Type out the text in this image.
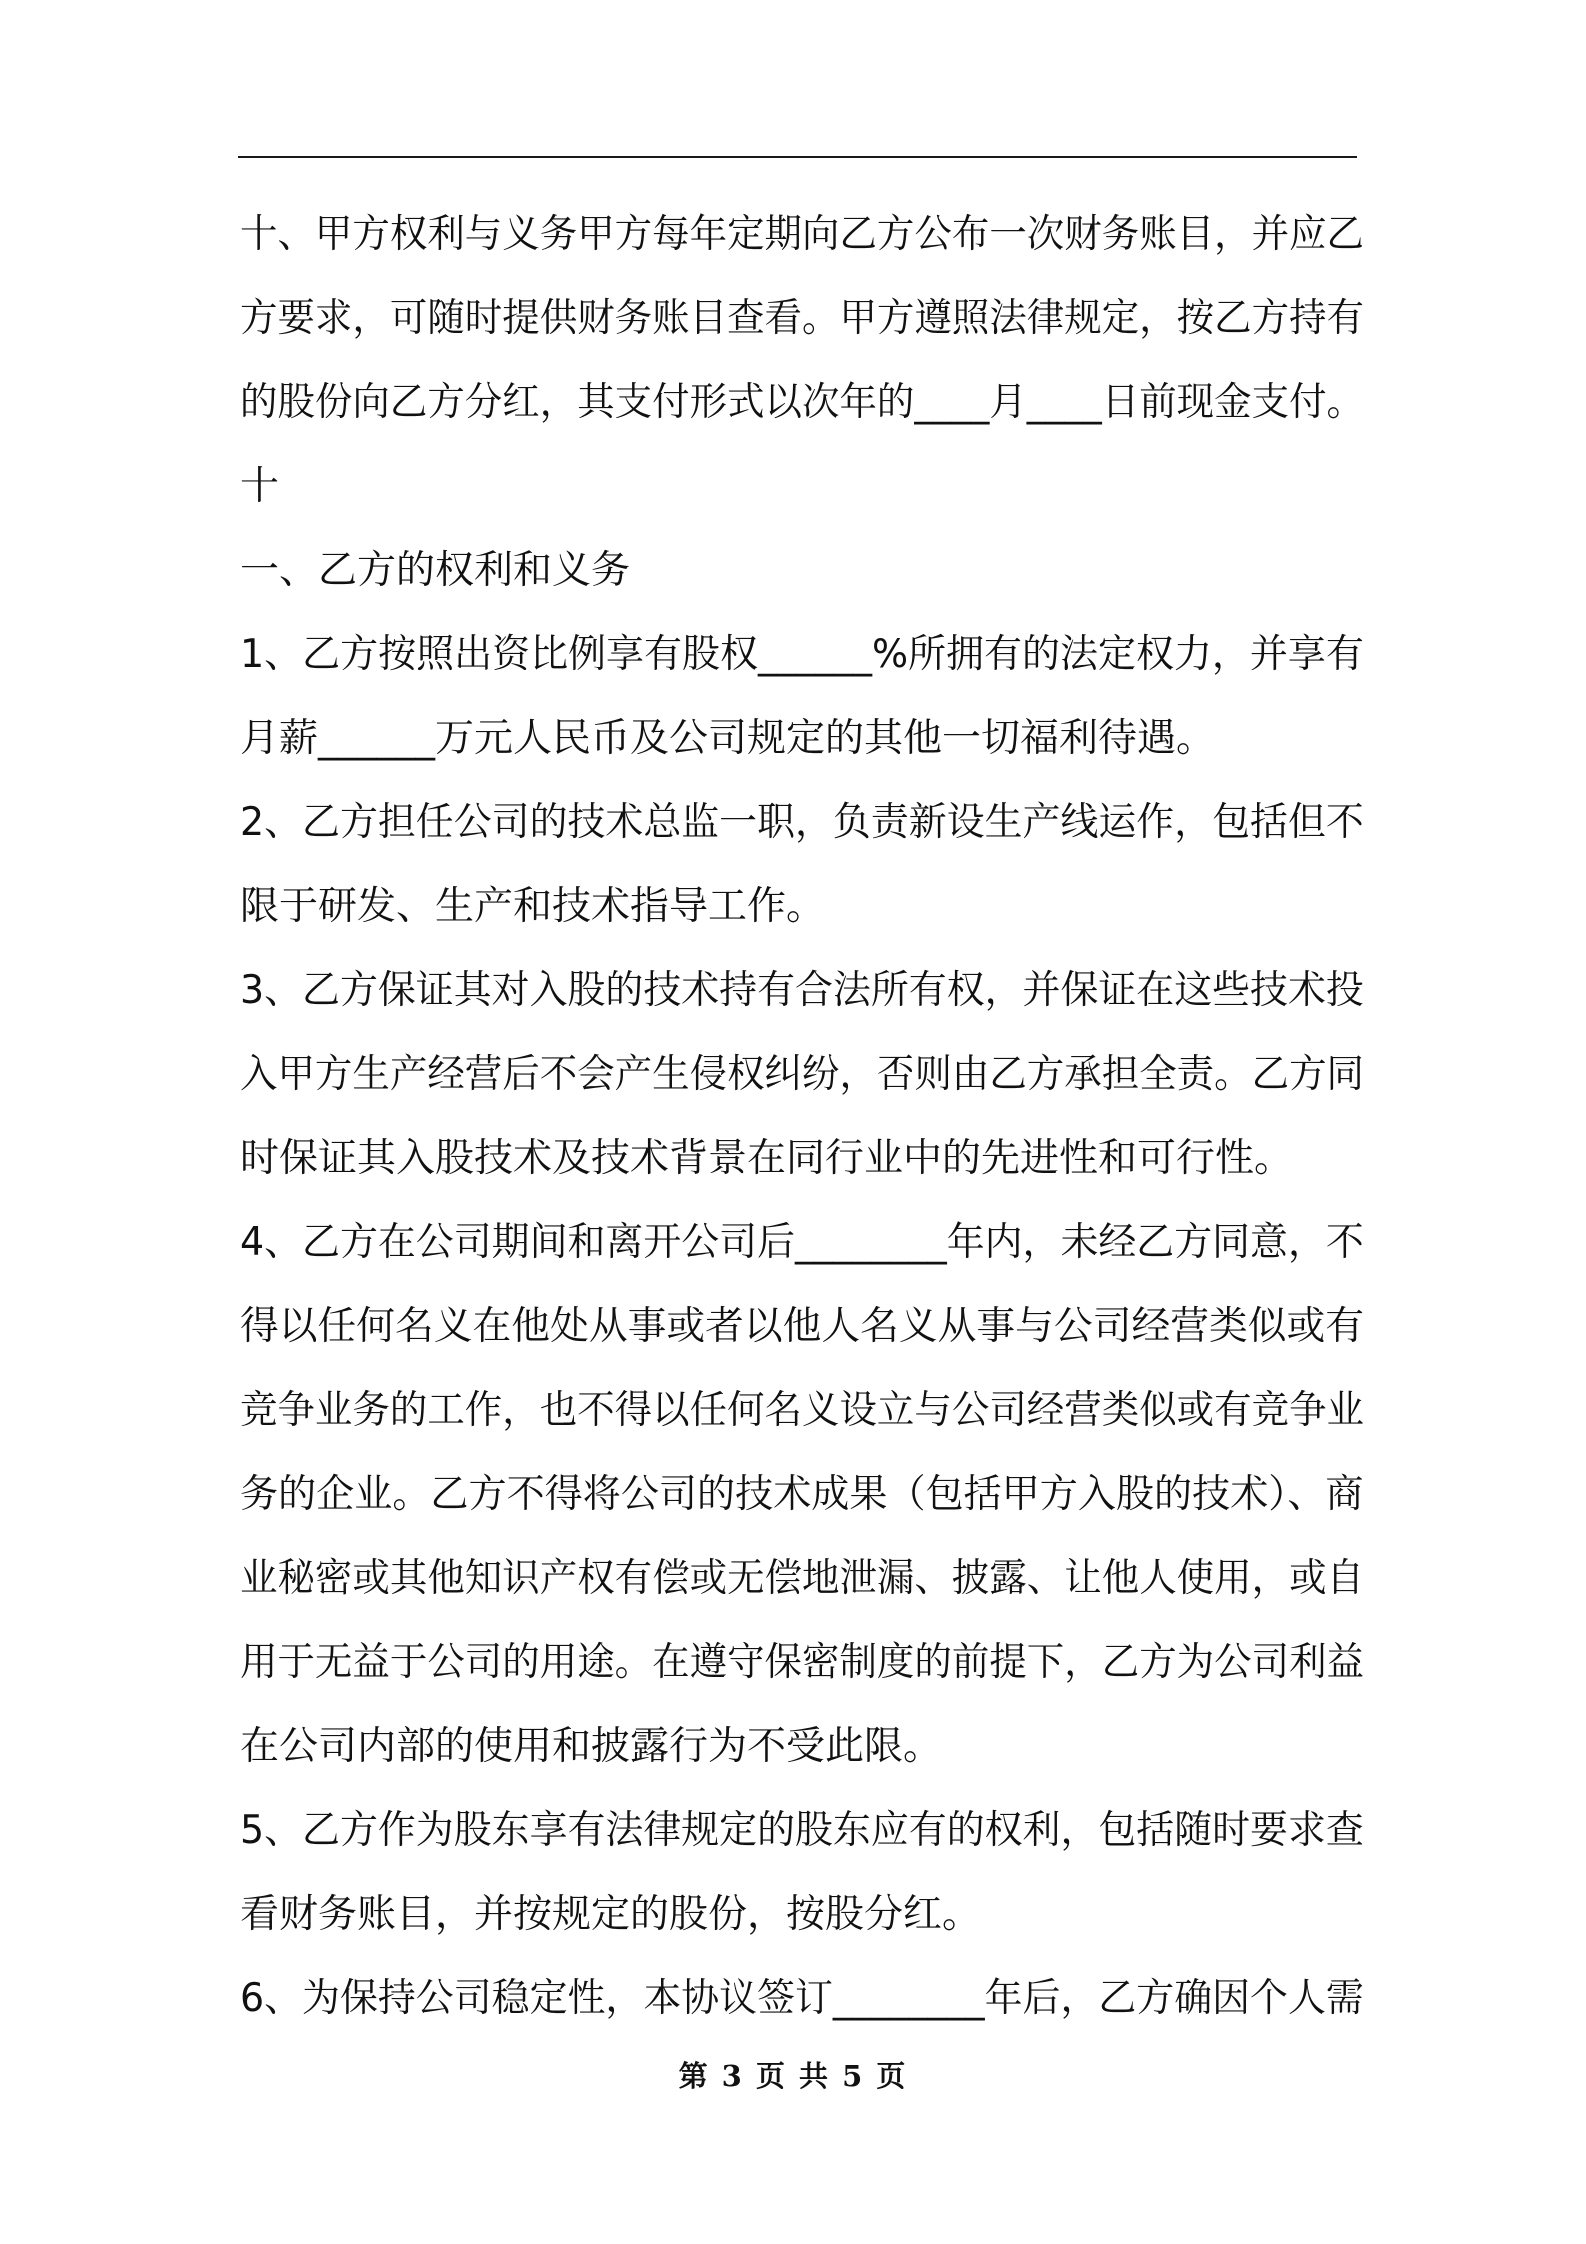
十、甲方权利与义务甲方每年定期向乙方公布一次财务账目，并应乙
方要求，可随时提供财务账目查看。甲方遵照法律规定，按乙方持有
的股份向乙方分红，其支付形式以次年的____月____日前现金支付。
十
一、乙方的权利和义务
1、乙方按照出资比例享有股权______%所拥有的法定权力，并享有
月薪______万元人民币及公司规定的其他一切福利待遇。
2、乙方担任公司的技术总监一职，负责新设生产线运作，包括但不
限于研发、生产和技术指导工作。
3、乙方保证其对入股的技术持有合法所有权，并保证在这些技术投
入甲方生产经营后不会产生侵权纠纷，否则由乙方承担全责。乙方同
时保证其入股技术及技术背景在同行业中的先进性和可行性。
4、乙方在公司期间和离开公司后________年内，未经乙方同意，不
得以任何名义在他处从事或者以他人名义从事与公司经营类似或有
竞争业务的工作，也不得以任何名义设立与公司经营类似或有竞争业
务的企业。乙方不得将公司的技术成果（包括甲方入股的技术）、商
业秘密或其他知识产权有偿或无偿地泄漏、披露、让他人使用，或自
用于无益于公司的用途。在遵守保密制度的前提下，乙方为公司利益
在公司内部的使用和披露行为不受此限。
5、乙方作为股东享有法律规定的股东应有的权利，包括随时要求查
看财务账目，并按规定的股份，按股分红。
6、为保持公司稳定性，本协议签订________年后，乙方确因个人需
第 3 页 共 5 页
